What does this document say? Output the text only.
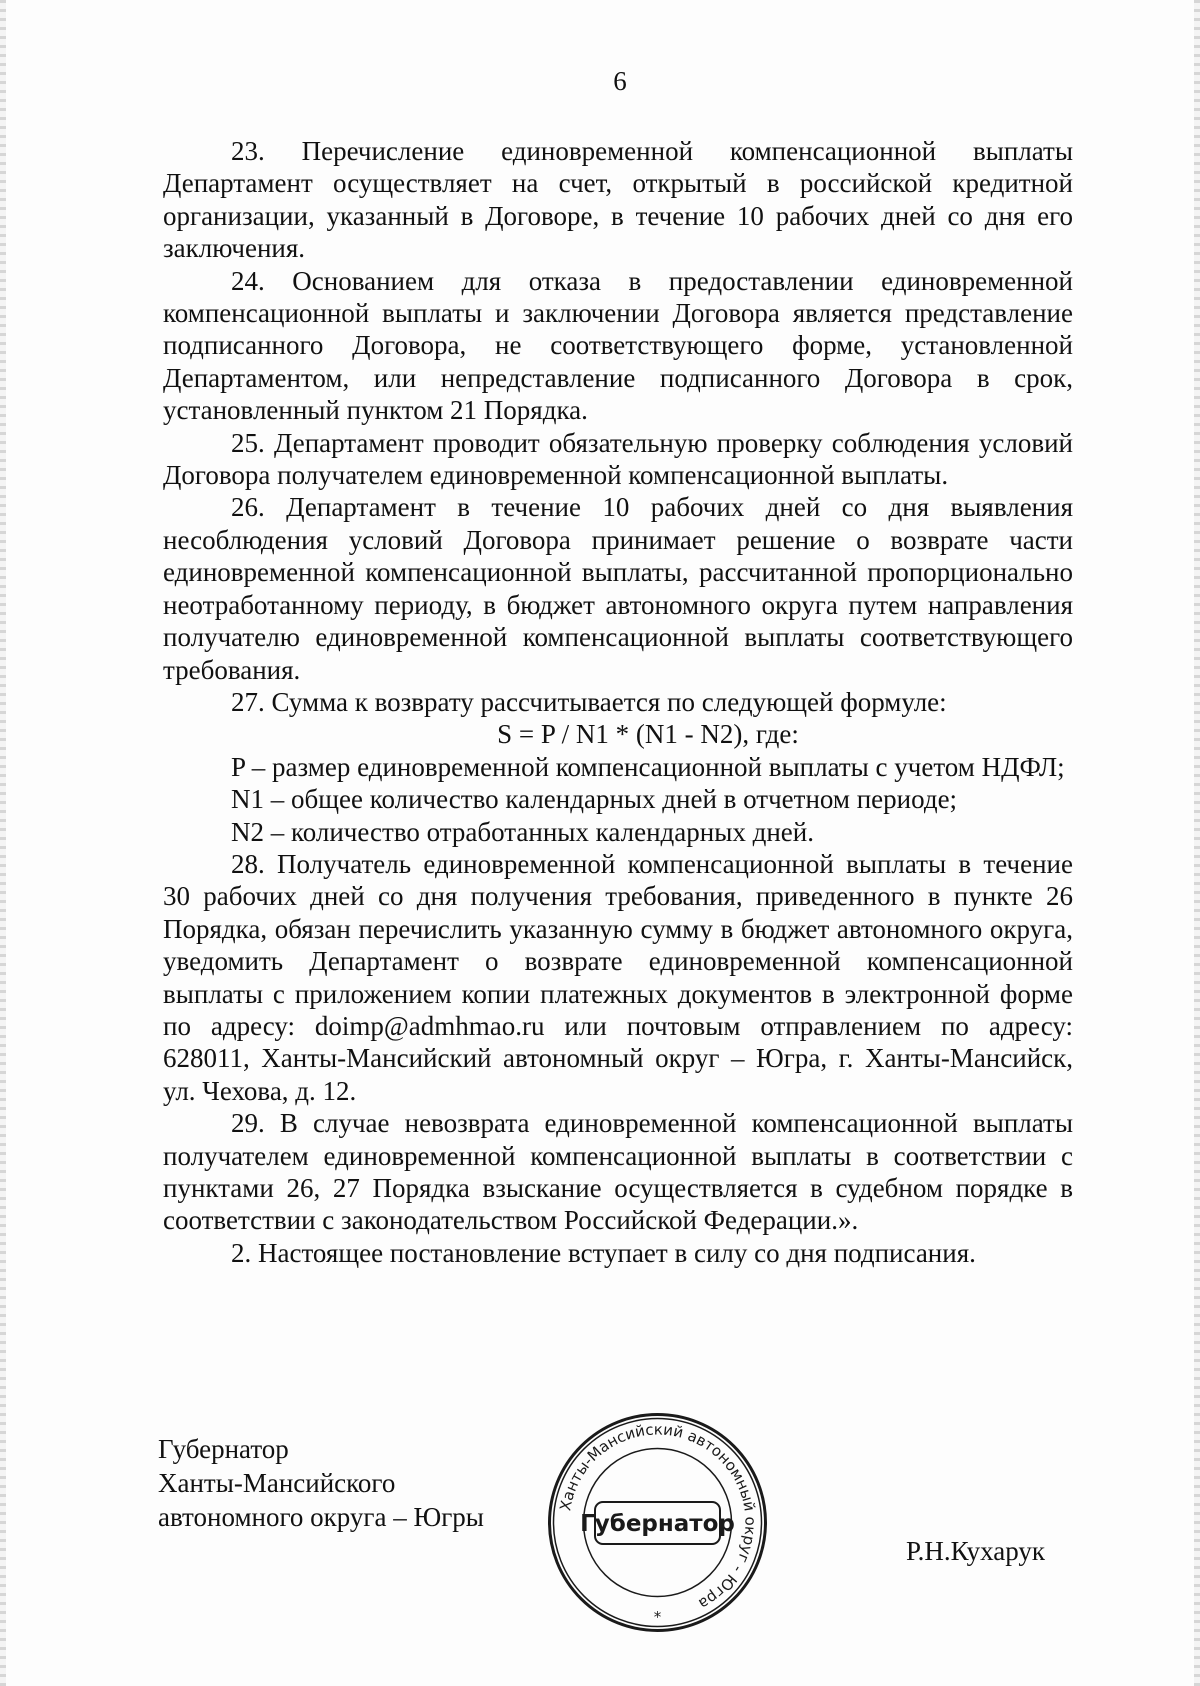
6

23. Перечисление единовременной компенсационной выплаты Департамент осуществляет на счет, открытый в российской кредитной организации, указанный в Договоре, в течение 10 рабочих дней со дня его заключения.

24. Основанием для отказа в предоставлении единовременной компенсационной выплаты и заключении Договора является представление подписанного Договора, не соответствующего форме, установленной Департаментом, или непредставление подписанного Договора в срок, установленный пунктом 21 Порядка.

25. Департамент проводит обязательную проверку соблюдения условий Договора получателем единовременной компенсационной выплаты.

26. Департамент в течение 10 рабочих дней со дня выявления несоблюдения условий Договора принимает решение о возврате части единовременной компенсационной выплаты, рассчитанной пропорционально неотработанному периоду, в бюджет автономного округа путем направления получателю единовременной компенсационной выплаты соответствующего требования.

27. Сумма к возврату рассчитывается по следующей формуле:

S = P / N1 * (N1 - N2), где:

P – размер единовременной компенсационной выплаты с учетом НДФЛ;

N1 – общее количество календарных дней в отчетном периоде;

N2 – количество отработанных календарных дней.

28. Получатель единовременной компенсационной выплаты в течение 30 рабочих дней со дня получения требования, приведенного в пункте 26 Порядка, обязан перечислить указанную сумму в бюджет автономного округа, уведомить Департамент о возврате единовременной компенсационной выплаты с приложением копии платежных документов в электронной форме по адресу: doimp@admhmao.ru или почтовым отправлением по адресу: 628011, Ханты-Мансийский автономный округ – Югра, г. Ханты-Мансийск, ул. Чехова, д. 12.

29. В случае невозврата единовременной компенсационной выплаты получателем единовременной компенсационной выплаты в соответствии с пунктами 26, 27 Порядка взыскание осуществляется в судебном порядке в соответствии с законодательством Российской Федерации.».

2. Настоящее постановление вступает в силу со дня подписания.

Губернатор
Ханты-Мансийского
автономного округа – Югры	Ханты-Мансийский автономный округ - Югра
Губернатор
*
Р.Н.Кухарук
